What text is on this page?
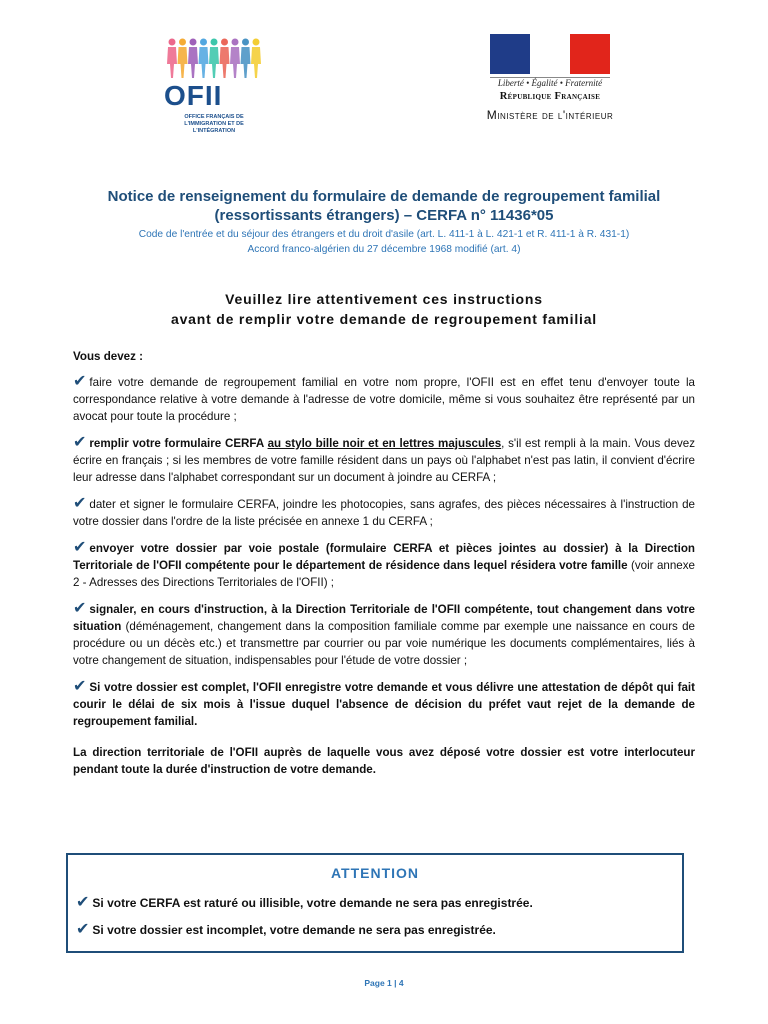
OFII
OFFICE FRANÇAIS DE L'IMMIGRATION ET DE L'INTÉGRATION
Liberté • Égalité • Fraternité
République Française
Ministère de l'intérieur
Notice de renseignement du formulaire de demande de regroupement familial
(ressortissants étrangers) – CERFA n° 11436*05
Code de l'entrée et du séjour des étrangers et du droit d'asile (art. L. 411-1 à L. 421-1 et R. 411-1 à R. 431-1)
Accord franco-algérien du 27 décembre 1968 modifié (art. 4)
Veuillez lire attentivement ces instructions
avant de remplir votre demande de regroupement familial

Vous devez :

✔ faire votre demande de regroupement familial en votre nom propre, l'OFII est en effet tenu d'envoyer toute la correspondance relative à votre demande à l'adresse de votre domicile, même si vous souhaitez être représenté par un avocat pour toute la procédure ;

✔ remplir votre formulaire CERFA au stylo bille noir et en lettres majuscules, s'il est rempli à la main. Vous devez écrire en français ; si les membres de votre famille résident dans un pays où l'alphabet n'est pas latin, il convient d'écrire leur adresse dans l'alphabet correspondant sur un document à joindre au CERFA ;

✔ dater et signer le formulaire CERFA, joindre les photocopies, sans agrafes, des pièces nécessaires à l'instruction de votre dossier dans l'ordre de la liste précisée en annexe 1 du CERFA ;

✔ envoyer votre dossier par voie postale (formulaire CERFA et pièces jointes au dossier) à la Direction Territoriale de l'OFII compétente pour le département de résidence dans lequel résidera votre famille (voir annexe 2 - Adresses des Directions Territoriales de l'OFII) ;

✔ signaler, en cours d'instruction, à la Direction Territoriale de l'OFII compétente, tout changement dans votre situation (déménagement, changement dans la composition familiale comme par exemple une naissance en cours de procédure ou un décès etc.) et transmettre par courrier ou par voie numérique les documents complémentaires, liés à votre changement de situation, indispensables pour l'étude de votre dossier ;

✔ Si votre dossier est complet, l'OFII enregistre votre demande et vous délivre une attestation de dépôt qui fait courir le délai de six mois à l'issue duquel l'absence de décision du préfet vaut rejet de la demande de regroupement familial.

La direction territoriale de l'OFII auprès de laquelle vous avez déposé votre dossier est votre interlocuteur pendant toute la durée d'instruction de votre demande.

ATTENTION
✔ Si votre CERFA est raturé ou illisible, votre demande ne sera pas enregistrée.
✔ Si votre dossier est incomplet, votre demande ne sera pas enregistrée.
Page 1 | 4
